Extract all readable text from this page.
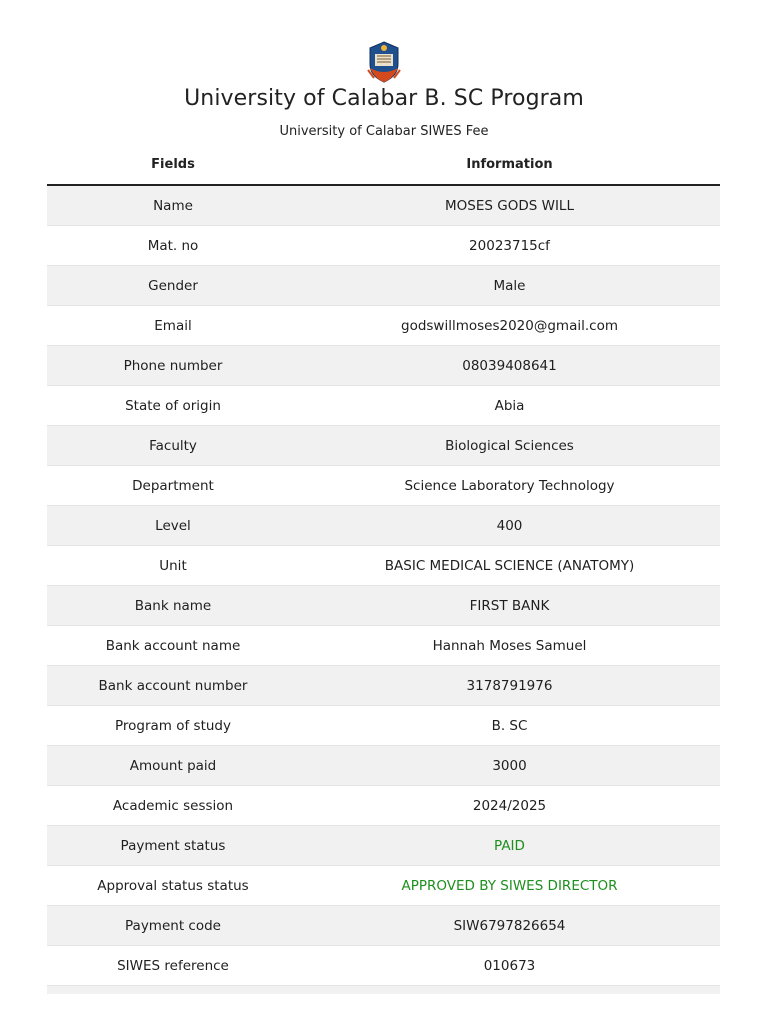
University of Calabar B. SC Program
University of Calabar SIWES Fee
Fields	Information
Name	MOSES GODS WILL
Mat. no	20023715cf
Gender	Male
Email	godswillmoses2020@gmail.com
Phone number	08039408641
State of origin	Abia
Faculty	Biological Sciences
Department	Science Laboratory Technology
Level	400
Unit	BASIC MEDICAL SCIENCE (ANATOMY)
Bank name	FIRST BANK
Bank account name	Hannah Moses Samuel
Bank account number	3178791976
Program of study	B. SC
Amount paid	3000
Academic session	2024/2025
Payment status	PAID
Approval status status	APPROVED BY SIWES DIRECTOR
Payment code	SIW6797826654
SIWES reference	010673
